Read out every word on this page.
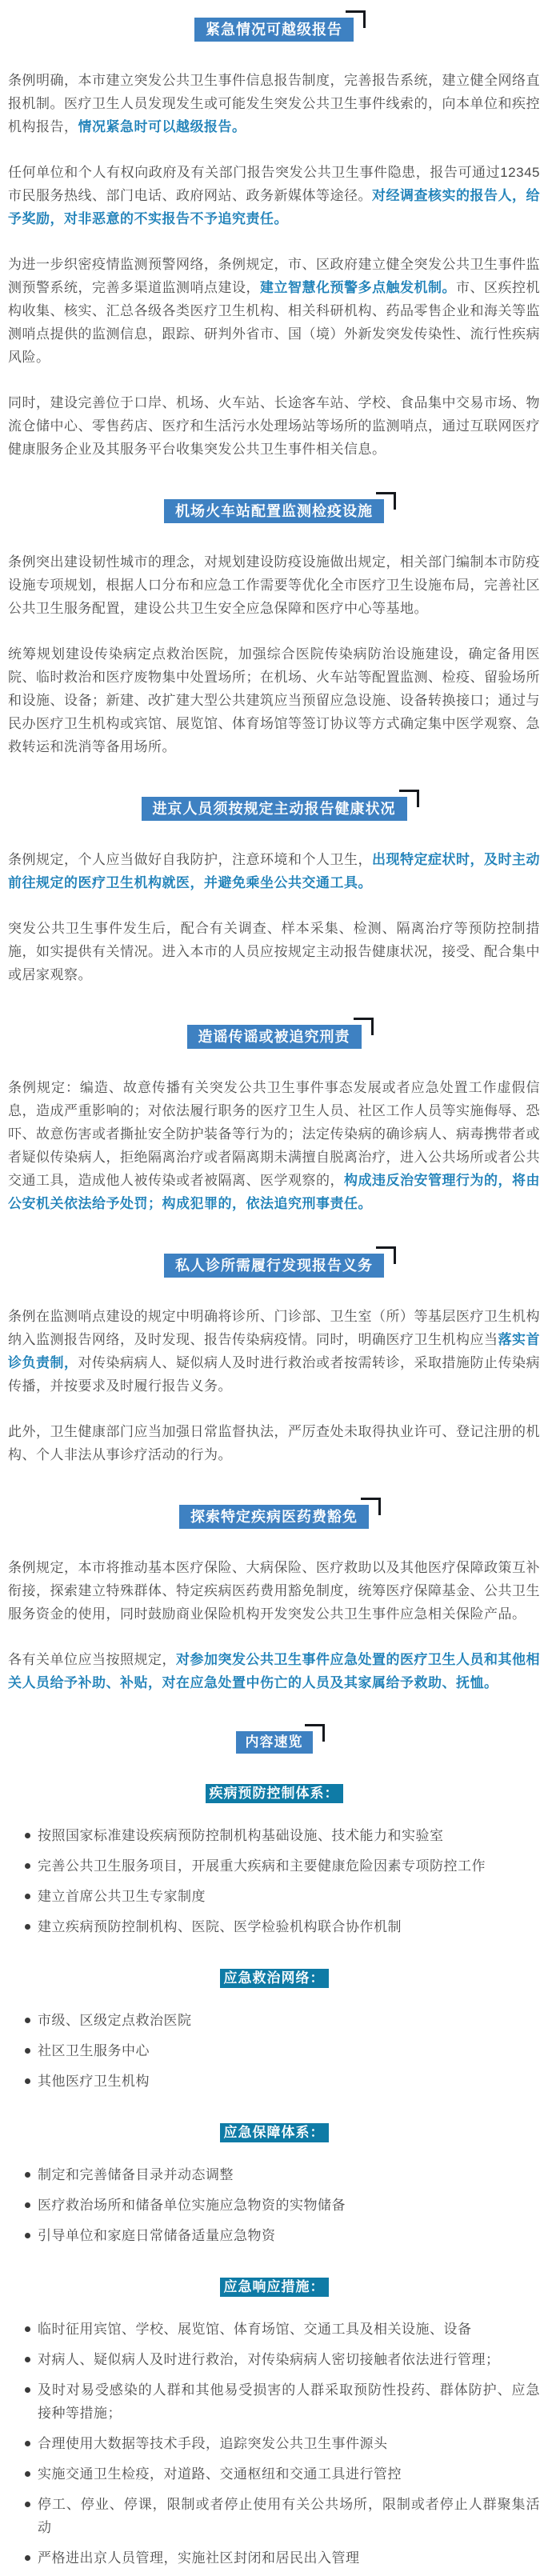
紧急情况可越级报告

条例明确，本市建立突发公共卫生事件信息报告制度，完善报告系统，建立健全网络直报机制。医疗卫生人员发现发生或可能发生突发公共卫生事件线索的，向本单位和疾控机构报告，情况紧急时可以越级报告。

任何单位和个人有权向政府及有关部门报告突发公共卫生事件隐患，报告可通过12345市民服务热线、部门电话、政府网站、政务新媒体等途径。对经调查核实的报告人，给予奖励，对非恶意的不实报告不予追究责任。

为进一步织密疫情监测预警网络，条例规定，市、区政府建立健全突发公共卫生事件监测预警系统，完善多渠道监测哨点建设，建立智慧化预警多点触发机制。市、区疾控机构收集、核实、汇总各级各类医疗卫生机构、相关科研机构、药品零售企业和海关等监测哨点提供的监测信息，跟踪、研判外省市、国（境）外新发突发传染性、流行性疾病风险。

同时，建设完善位于口岸、机场、火车站、长途客车站、学校、食品集中交易市场、物流仓储中心、零售药店、医疗和生活污水处理场站等场所的监测哨点，通过互联网医疗健康服务企业及其服务平台收集突发公共卫生事件相关信息。

机场火车站配置监测检疫设施

条例突出建设韧性城市的理念，对规划建设防疫设施做出规定，相关部门编制本市防疫设施专项规划，根据人口分布和应急工作需要等优化全市医疗卫生设施布局，完善社区公共卫生服务配置，建设公共卫生安全应急保障和医疗中心等基地。

统筹规划建设传染病定点救治医院，加强综合医院传染病防治设施建设，确定备用医院、临时救治和医疗废物集中处置场所；在机场、火车站等配置监测、检疫、留验场所和设施、设备；新建、改扩建大型公共建筑应当预留应急设施、设备转换接口；通过与民办医疗卫生机构或宾馆、展览馆、体育场馆等签订协议等方式确定集中医学观察、急救转运和洗消等备用场所。

进京人员须按规定主动报告健康状况

条例规定，个人应当做好自我防护，注意环境和个人卫生，出现特定症状时，及时主动前往规定的医疗卫生机构就医，并避免乘坐公共交通工具。

突发公共卫生事件发生后，配合有关调查、样本采集、检测、隔离治疗等预防控制措施，如实提供有关情况。进入本市的人员应按规定主动报告健康状况，接受、配合集中或居家观察。

造谣传谣或被追究刑责

条例规定：编造、故意传播有关突发公共卫生事件事态发展或者应急处置工作虚假信息，造成严重影响的；对依法履行职务的医疗卫生人员、社区工作人员等实施侮辱、恐吓、故意伤害或者撕扯安全防护装备等行为的；法定传染病的确诊病人、病毒携带者或者疑似传染病人，拒绝隔离治疗或者隔离期未满擅自脱离治疗，进入公共场所或者公共交通工具，造成他人被传染或者被隔离、医学观察的，构成违反治安管理行为的，将由公安机关依法给予处罚；构成犯罪的，依法追究刑事责任。

私人诊所需履行发现报告义务

条例在监测哨点建设的规定中明确将诊所、门诊部、卫生室（所）等基层医疗卫生机构纳入监测报告网络，及时发现、报告传染病疫情。同时，明确医疗卫生机构应当落实首诊负责制，对传染病病人、疑似病人及时进行救治或者按需转诊，采取措施防止传染病传播，并按要求及时履行报告义务。

此外，卫生健康部门应当加强日常监督执法，严厉查处未取得执业许可、登记注册的机构、个人非法从事诊疗活动的行为。

探索特定疾病医药费豁免

条例规定，本市将推动基本医疗保险、大病保险、医疗救助以及其他医疗保障政策互补衔接，探索建立特殊群体、特定疾病医药费用豁免制度，统筹医疗保障基金、公共卫生服务资金的使用，同时鼓励商业保险机构开发突发公共卫生事件应急相关保险产品。

各有关单位应当按照规定，对参加突发公共卫生事件应急处置的医疗卫生人员和其他相关人员给予补助、补贴，对在应急处置中伤亡的人员及其家属给予救助、抚恤。

内容速览
疾病预防控制体系：
按照国家标准建设疾病预防控制机构基础设施、技术能力和实验室
完善公共卫生服务项目，开展重大疾病和主要健康危险因素专项防控工作
建立首席公共卫生专家制度
建立疾病预防控制机构、医院、医学检验机构联合协作机制
应急救治网络：
市级、区级定点救治医院
社区卫生服务中心
其他医疗卫生机构
应急保障体系：
制定和完善储备目录并动态调整
医疗救治场所和储备单位实施应急物资的实物储备
引导单位和家庭日常储备适量应急物资
应急响应措施：
临时征用宾馆、学校、展览馆、体育场馆、交通工具及相关设施、设备
对病人、疑似病人及时进行救治，对传染病病人密切接触者依法进行管理；
及时对易受感染的人群和其他易受损害的人群采取预防性投药、群体防护、应急接种等措施；
合理使用大数据等技术手段，追踪突发公共卫生事件源头
实施交通卫生检疫，对道路、交通枢纽和交通工具进行管控
停工、停业、停课，限制或者停止使用有关公共场所，限制或者停止人群聚集活动
严格进出京人员管理，实施社区封闭和居民出入管理
